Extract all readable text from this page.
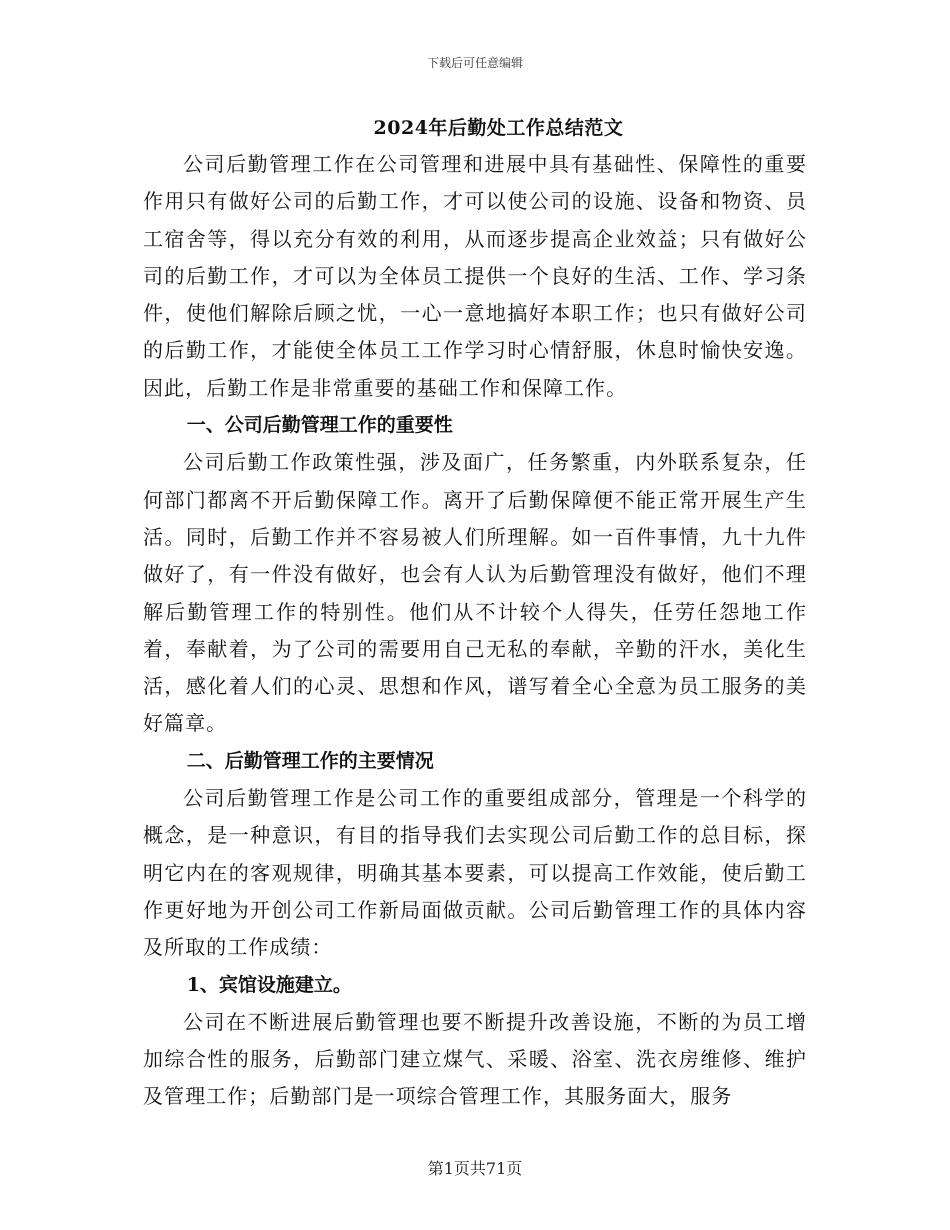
下载后可任意编辑
2024年后勤处工作总结范文

公司后勤管理工作在公司管理和进展中具有基础性、保障性的重要作用只有做好公司的后勤工作，才可以使公司的设施、设备和物资、员工宿舍等，得以充分有效的利用，从而逐步提高企业效益；只有做好公司的后勤工作，才可以为全体员工提供一个良好的生活、工作、学习条件，使他们解除后顾之忧，一心一意地搞好本职工作；也只有做好公司的后勤工作，才能使全体员工工作学习时心情舒服，休息时愉快安逸。因此，后勤工作是非常重要的基础工作和保障工作。

一、公司后勤管理工作的重要性

公司后勤工作政策性强，涉及面广，任务繁重，内外联系复杂，任何部门都离不开后勤保障工作。离开了后勤保障便不能正常开展生产生活。同时，后勤工作并不容易被人们所理解。如一百件事情，九十九件做好了，有一件没有做好，也会有人认为后勤管理没有做好，他们不理解后勤管理工作的特别性。他们从不计较个人得失，任劳任怨地工作着，奉献着，为了公司的需要用自己无私的奉献，辛勤的汗水，美化生活，感化着人们的心灵、思想和作风，谱写着全心全意为员工服务的美好篇章。

二、后勤管理工作的主要情况

公司后勤管理工作是公司工作的重要组成部分，管理是一个科学的概念，是一种意识，有目的指导我们去实现公司后勤工作的总目标，探明它内在的客观规律，明确其基本要素，可以提高工作效能，使后勤工作更好地为开创公司工作新局面做贡献。公司后勤管理工作的具体内容及所取的工作成绩：

1、宾馆设施建立。

公司在不断进展后勤管理也要不断提升改善设施，不断的为员工增加综合性的服务，后勤部门建立煤气、采暖、浴室、洗衣房维修、维护及管理工作；后勤部门是一项综合管理工作，其服务面大，服务

第1页共71页
